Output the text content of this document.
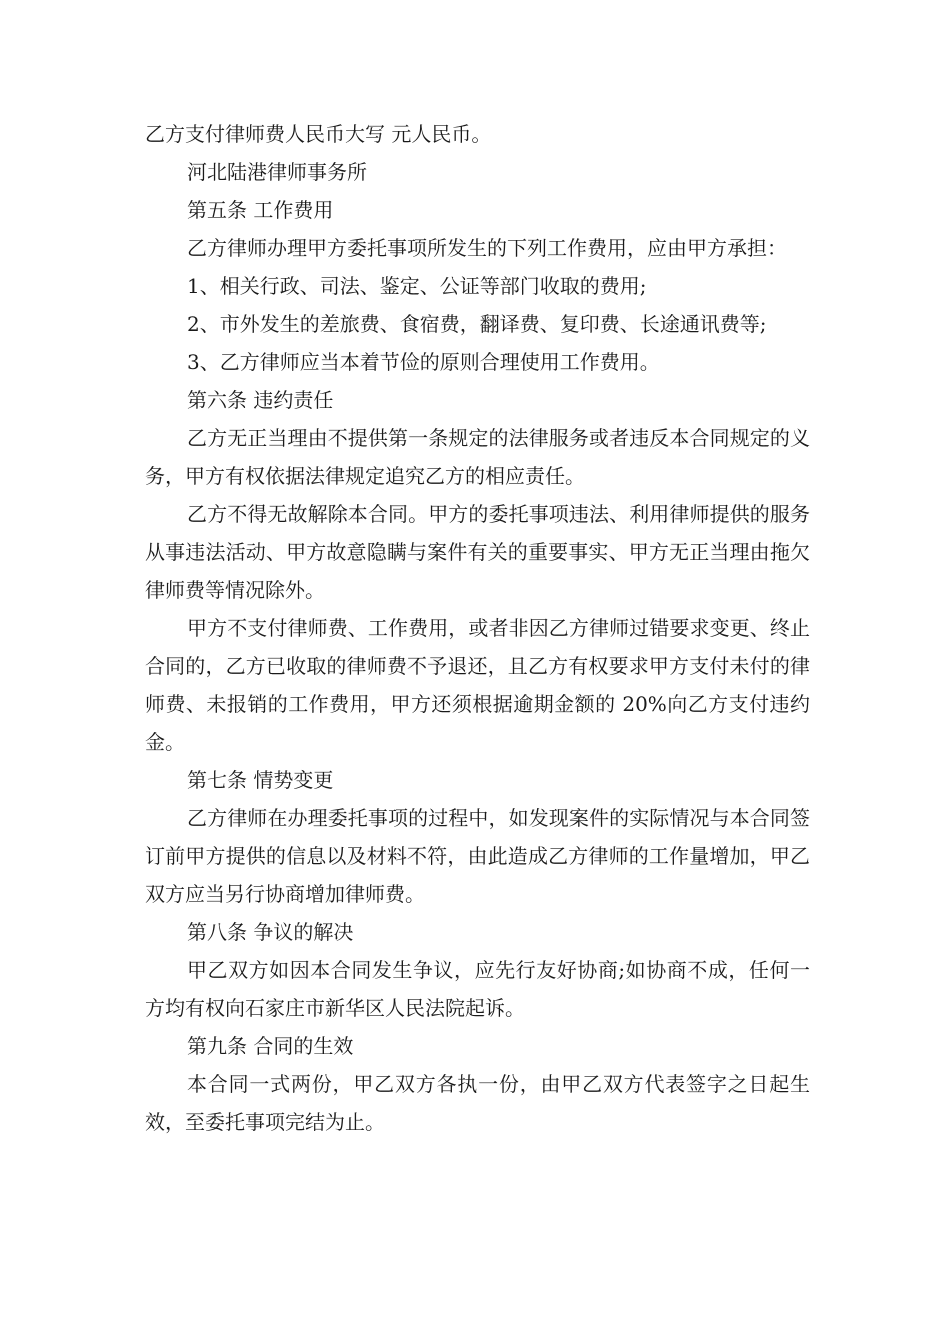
乙方支付律师费人民币大写 元人民币。

河北陆港律师事务所

第五条 工作费用

乙方律师办理甲方委托事项所发生的下列工作费用，应由甲方承担：

1、相关行政、司法、鉴定、公证等部门收取的费用;

2、市外发生的差旅费、食宿费，翻译费、复印费、长途通讯费等;

3、乙方律师应当本着节俭的原则合理使用工作费用。

第六条 违约责任

乙方无正当理由不提供第一条规定的法律服务或者违反本合同规定的义务，甲方有权依据法律规定追究乙方的相应责任。

乙方不得无故解除本合同。甲方的委托事项违法、利用律师提供的服务从事违法活动、甲方故意隐瞒与案件有关的重要事实、甲方无正当理由拖欠律师费等情况除外。

甲方不支付律师费、工作费用，或者非因乙方律师过错要求变更、终止合同的，乙方已收取的律师费不予退还，且乙方有权要求甲方支付未付的律师费、未报销的工作费用，甲方还须根据逾期金额的 20%向乙方支付违约金。

第七条 情势变更

乙方律师在办理委托事项的过程中，如发现案件的实际情况与本合同签订前甲方提供的信息以及材料不符，由此造成乙方律师的工作量增加，甲乙双方应当另行协商增加律师费。

第八条 争议的解决

甲乙双方如因本合同发生争议，应先行友好协商;如协商不成，任何一方均有权向石家庄市新华区人民法院起诉。

第九条 合同的生效

本合同一式两份，甲乙双方各执一份，由甲乙双方代表签字之日起生效，至委托事项完结为止。
